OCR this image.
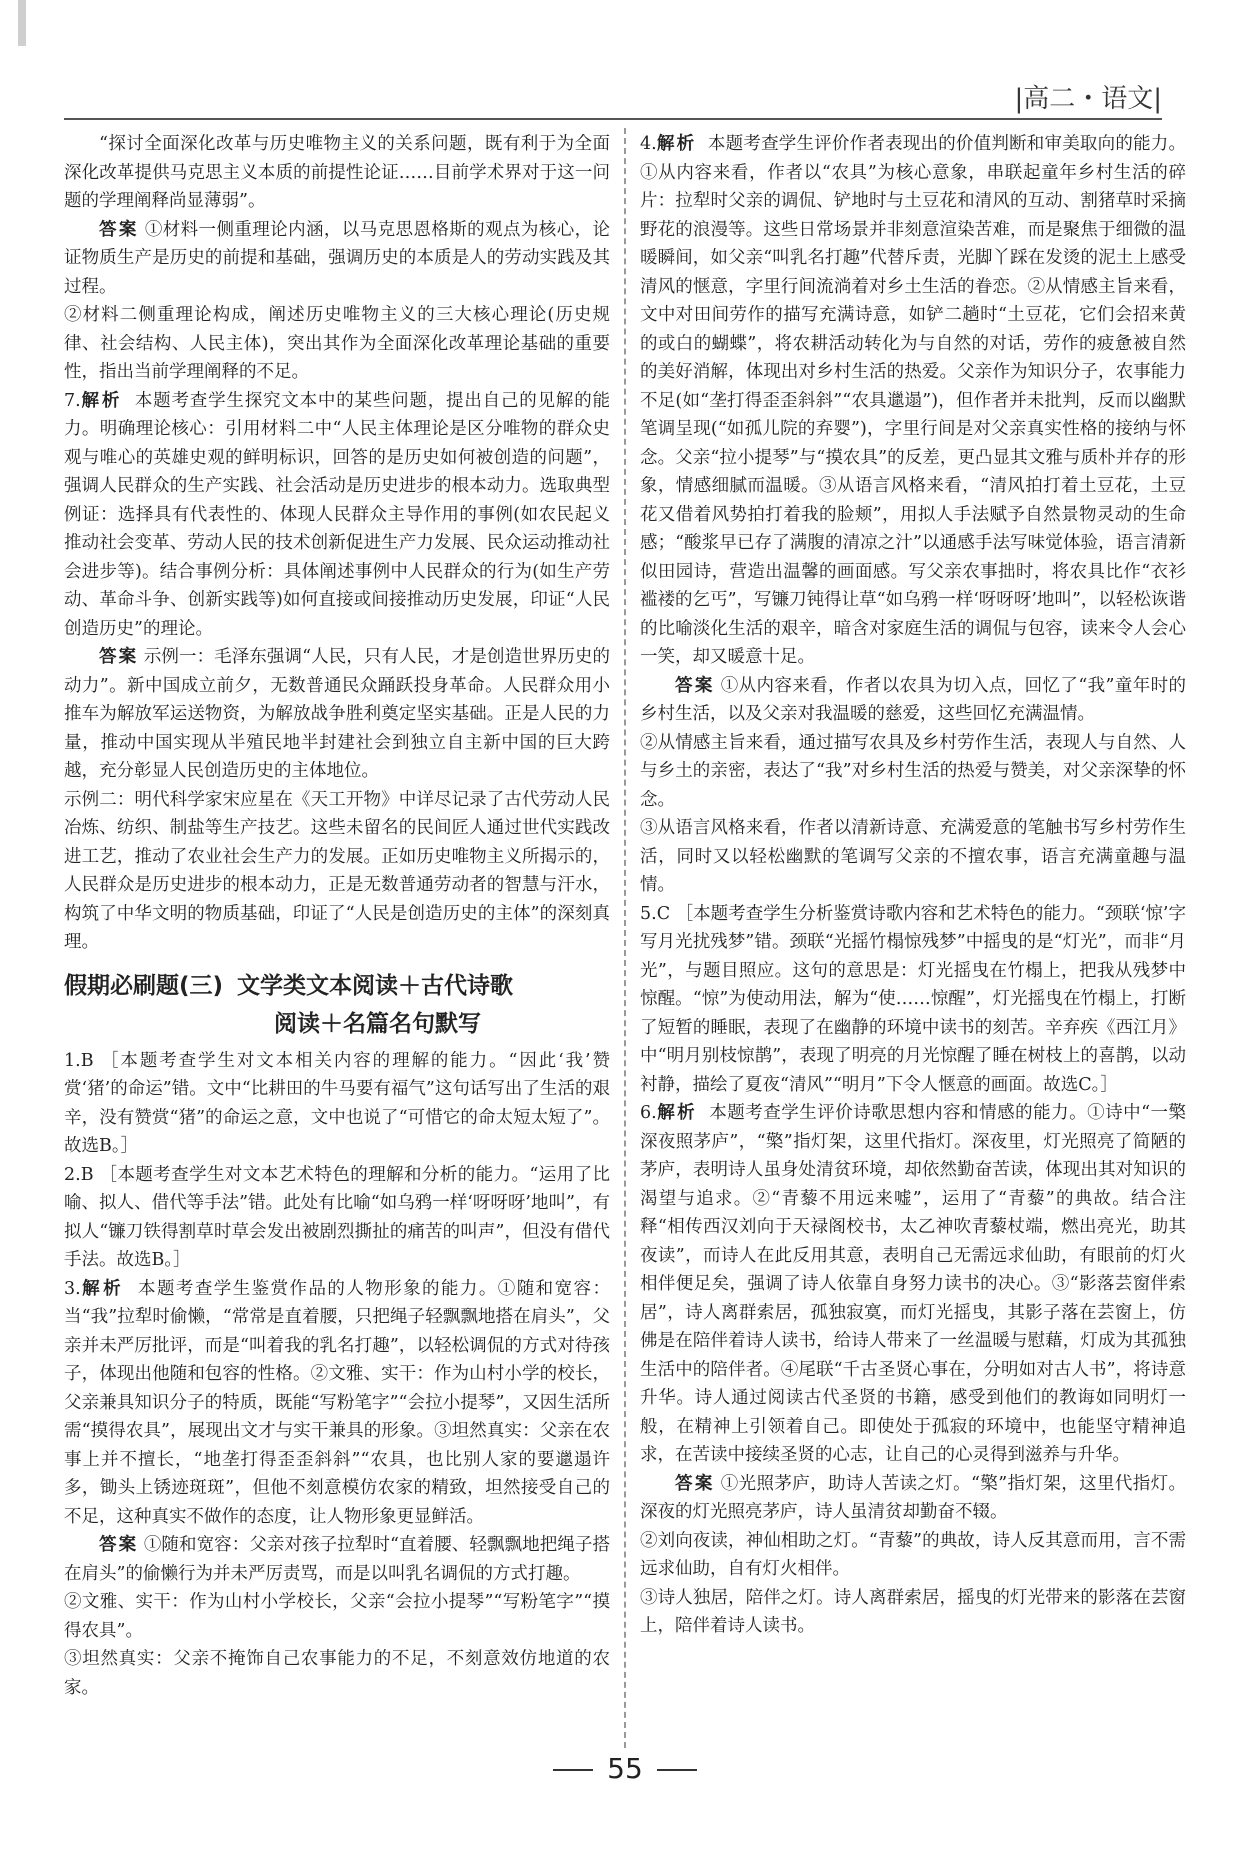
|高二・语文|

“探讨全面深化改革与历史唯物主义的关系问题，既有利于为全面深化改革提供马克思主义本质的前提性论证……目前学术界对于这一问题的学理阐释尚显薄弱”。

答案 ①材料一侧重理论内涵，以马克思恩格斯的观点为核心，论证物质生产是历史的前提和基础，强调历史的本质是人的劳动实践及其过程。

②材料二侧重理论构成，阐述历史唯物主义的三大核心理论(历史规律、社会结构、人民主体)，突出其作为全面深化改革理论基础的重要性，指出当前学理阐释的不足。

7.解析 本题考查学生探究文本中的某些问题，提出自己的见解的能力。明确理论核心：引用材料二中“人民主体理论是区分唯物的群众史观与唯心的英雄史观的鲜明标识，回答的是历史如何被创造的问题”，强调人民群众的生产实践、社会活动是历史进步的根本动力。选取典型例证：选择具有代表性的、体现人民群众主导作用的事例(如农民起义推动社会变革、劳动人民的技术创新促进生产力发展、民众运动推动社会进步等)。结合事例分析：具体阐述事例中人民群众的行为(如生产劳动、革命斗争、创新实践等)如何直接或间接推动历史发展，印证“人民创造历史”的理论。

答案 示例一：毛泽东强调“人民，只有人民，才是创造世界历史的动力”。新中国成立前夕，无数普通民众踊跃投身革命。人民群众用小推车为解放军运送物资，为解放战争胜利奠定坚实基础。正是人民的力量，推动中国实现从半殖民地半封建社会到独立自主新中国的巨大跨越，充分彰显人民创造历史的主体地位。

示例二：明代科学家宋应星在《天工开物》中详尽记录了古代劳动人民冶炼、纺织、制盐等生产技艺。这些未留名的民间匠人通过世代实践改进工艺，推动了农业社会生产力的发展。正如历史唯物主义所揭示的，人民群众是历史进步的根本动力，正是无数普通劳动者的智慧与汗水，构筑了中华文明的物质基础，印证了“人民是创造历史的主体”的深刻真理。

假期必刷题(三) 文学类文本阅读＋古代诗歌
阅读＋名篇名句默写

1.B ［本题考查学生对文本相关内容的理解的能力。“因此‘我’赞赏‘猪’的命运”错。文中“比耕田的牛马要有福气”这句话写出了生活的艰辛，没有赞赏“猪”的命运之意，文中也说了“可惜它的命太短太短了”。故选B。］

2.B ［本题考查学生对文本艺术特色的理解和分析的能力。“运用了比喻、拟人、借代等手法”错。此处有比喻“如乌鸦一样‘呀呀呀’地叫”，有拟人“镰刀铁得割草时草会发出被剧烈撕扯的痛苦的叫声”，但没有借代手法。故选B。］

3.解析 本题考查学生鉴赏作品的人物形象的能力。①随和宽容：当“我”拉犁时偷懒，“常常是直着腰，只把绳子轻飘飘地搭在肩头”，父亲并未严厉批评，而是“叫着我的乳名打趣”，以轻松调侃的方式对待孩子，体现出他随和包容的性格。②文雅、实干：作为山村小学的校长，父亲兼具知识分子的特质，既能“写粉笔字”“会拉小提琴”，又因生活所需“摸得农具”，展现出文才与实干兼具的形象。③坦然真实：父亲在农事上并不擅长，“地垄打得歪歪斜斜”“农具，也比别人家的要邋遢许多，锄头上锈迹斑斑”，但他不刻意模仿农家的精致，坦然接受自己的不足，这种真实不做作的态度，让人物形象更显鲜活。

答案 ①随和宽容：父亲对孩子拉犁时“直着腰、轻飘飘地把绳子搭在肩头”的偷懒行为并未严厉责骂，而是以叫乳名调侃的方式打趣。

②文雅、实干：作为山村小学校长，父亲“会拉小提琴”“写粉笔字”“摸得农具”。

③坦然真实：父亲不掩饰自己农事能力的不足，不刻意效仿地道的农家。

4.解析 本题考查学生评价作者表现出的价值判断和审美取向的能力。①从内容来看，作者以“农具”为核心意象，串联起童年乡村生活的碎片：拉犁时父亲的调侃、铲地时与土豆花和清风的互动、割猪草时采摘野花的浪漫等。这些日常场景并非刻意渲染苦难，而是聚焦于细微的温暖瞬间，如父亲“叫乳名打趣”代替斥责，光脚丫踩在发烫的泥土上感受清风的惬意，字里行间流淌着对乡土生活的眷恋。②从情感主旨来看，文中对田间劳作的描写充满诗意，如铲二趟时“土豆花，它们会招来黄的或白的蝴蝶”，将农耕活动转化为与自然的对话，劳作的疲惫被自然的美好消解，体现出对乡村生活的热爱。父亲作为知识分子，农事能力不足(如“垄打得歪歪斜斜”“农具邋遢”)，但作者并未批判，反而以幽默笔调呈现(“如孤儿院的弃婴”)，字里行间是对父亲真实性格的接纳与怀念。父亲“拉小提琴”与“摸农具”的反差，更凸显其文雅与质朴并存的形象，情感细腻而温暖。③从语言风格来看，“清风拍打着土豆花，土豆花又借着风势拍打着我的脸颊”，用拟人手法赋予自然景物灵动的生命感；“酸浆早已存了满腹的清凉之汁”以通感手法写味觉体验，语言清新似田园诗，营造出温馨的画面感。写父亲农事拙时，将农具比作“衣衫褴褛的乞丐”，写镰刀钝得让草“如乌鸦一样‘呀呀呀’地叫”，以轻松诙谐的比喻淡化生活的艰辛，暗含对家庭生活的调侃与包容，读来令人会心一笑，却又暖意十足。

答案 ①从内容来看，作者以农具为切入点，回忆了“我”童年时的乡村生活，以及父亲对我温暖的慈爱，这些回忆充满温情。

②从情感主旨来看，通过描写农具及乡村劳作生活，表现人与自然、人与乡土的亲密，表达了“我”对乡村生活的热爱与赞美，对父亲深挚的怀念。

③从语言风格来看，作者以清新诗意、充满爱意的笔触书写乡村劳作生活，同时又以轻松幽默的笔调写父亲的不擅农事，语言充满童趣与温情。

5.C ［本题考查学生分析鉴赏诗歌内容和艺术特色的能力。“颈联‘惊’字写月光扰残梦”错。颈联“光摇竹榻惊残梦”中摇曳的是“灯光”，而非“月光”，与题目照应。这句的意思是：灯光摇曳在竹榻上，把我从残梦中惊醒。“惊”为使动用法，解为“使……惊醒”，灯光摇曳在竹榻上，打断了短暂的睡眠，表现了在幽静的环境中读书的刻苦。辛弃疾《西江月》中“明月别枝惊鹊”，表现了明亮的月光惊醒了睡在树枝上的喜鹊，以动衬静，描绘了夏夜“清风”“明月”下令人惬意的画面。故选C。］

6.解析 本题考查学生评价诗歌思想内容和情感的能力。①诗中“一檠深夜照茅庐”，“檠”指灯架，这里代指灯。深夜里，灯光照亮了简陋的茅庐，表明诗人虽身处清贫环境，却依然勤奋苦读，体现出其对知识的渴望与追求。②“青藜不用远来嘘”，运用了“青藜”的典故。结合注释“相传西汉刘向于天禄阁校书，太乙神吹青藜杖端，燃出亮光，助其夜读”，而诗人在此反用其意，表明自己无需远求仙助，有眼前的灯火相伴便足矣，强调了诗人依靠自身努力读书的决心。③“影落芸窗伴索居”，诗人离群索居，孤独寂寞，而灯光摇曳，其影子落在芸窗上，仿佛是在陪伴着诗人读书，给诗人带来了一丝温暖与慰藉，灯成为其孤独生活中的陪伴者。④尾联“千古圣贤心事在，分明如对古人书”，将诗意升华。诗人通过阅读古代圣贤的书籍，感受到他们的教诲如同明灯一般，在精神上引领着自己。即使处于孤寂的环境中，也能坚守精神追求，在苦读中接续圣贤的心志，让自己的心灵得到滋养与升华。

答案 ①光照茅庐，助诗人苦读之灯。“檠”指灯架，这里代指灯。深夜的灯光照亮茅庐，诗人虽清贫却勤奋不辍。

②刘向夜读，神仙相助之灯。“青藜”的典故，诗人反其意而用，言不需远求仙助，自有灯火相伴。

③诗人独居，陪伴之灯。诗人离群索居，摇曳的灯光带来的影落在芸窗上，陪伴着诗人读书。

55
